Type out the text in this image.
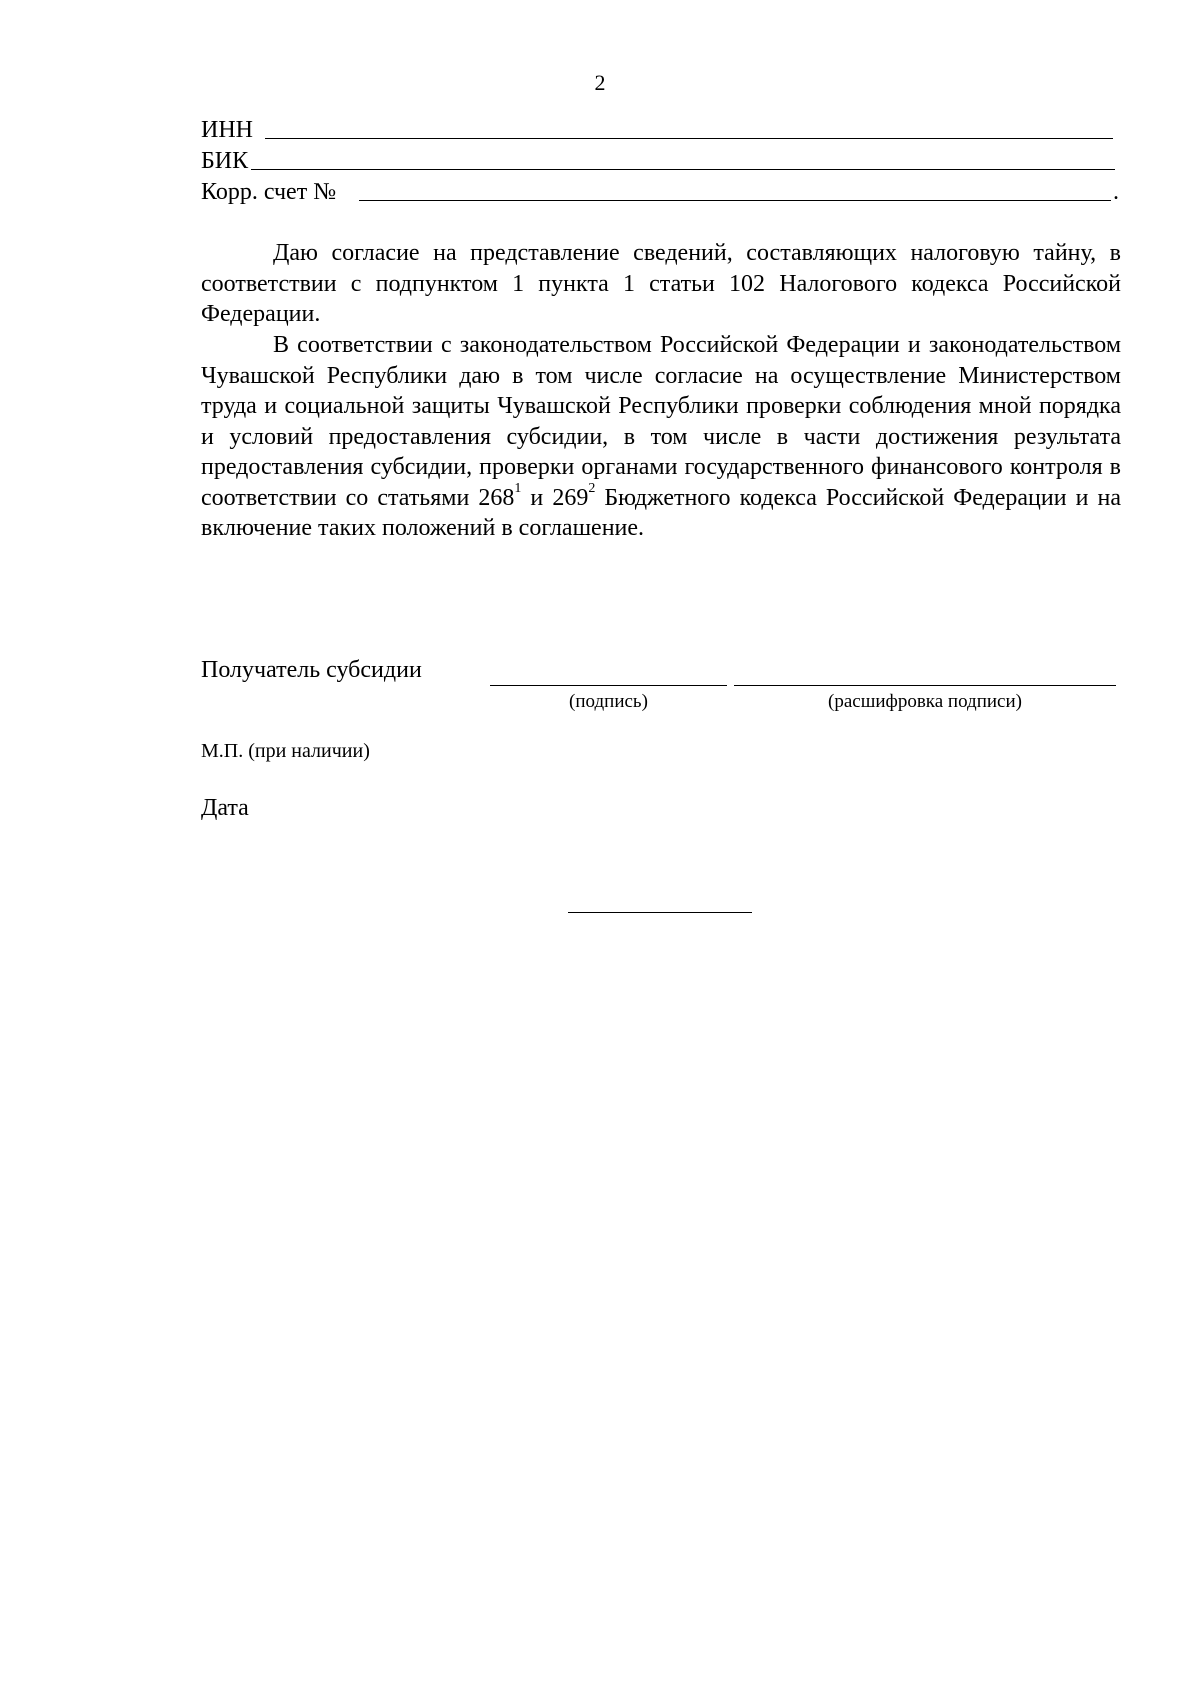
2
ИНН
БИК
Корр. счет №	.

Даю согласие на представление сведений, составляющих налоговую тайну, в соответствии с подпунктом 1 пункта 1 статьи 102 Налогового кодекса Российской Федерации.

В соответствии с законодательством Российской Федерации и законодательством Чувашской Республики даю в том числе согласие на осуществление Министерством труда и социальной защиты Чувашской Республики проверки соблюдения мной порядка и условий предоставления субсидии, в том числе в части достижения результата предоставления субсидии, проверки органами государственного финансового контроля в соответствии со статьями $268^1$ и $269^2$ Бюджетного кодекса Российской Федерации и на включение таких положений в соглашение.

Получатель субсидии
(подпись)	(расшифровка подписи)
М.П. (при наличии)
Дата
